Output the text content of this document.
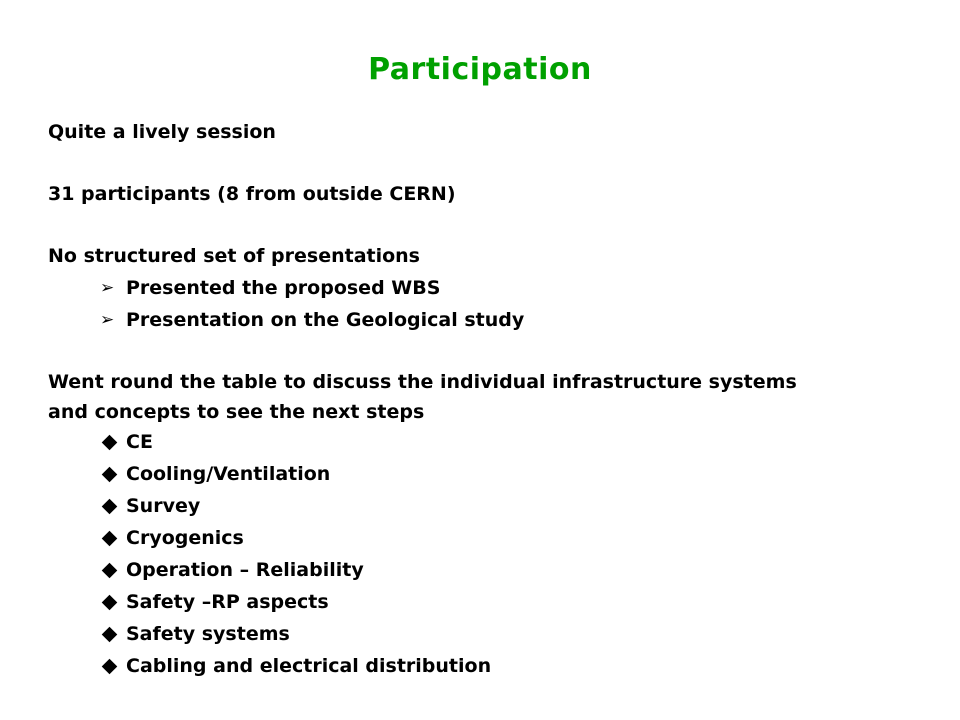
Participation
Quite a lively session
31 participants (8 from outside CERN)
No structured set of presentations
➢ Presented the proposed WBS
➢ Presentation on the Geological study
Went round the table to discuss the individual infrastructure systems
and concepts to see the next steps
CE
Cooling/Ventilation
Survey
Cryogenics
Operation – Reliability
Safety –RP aspects
Safety systems
Cabling and electrical distribution
